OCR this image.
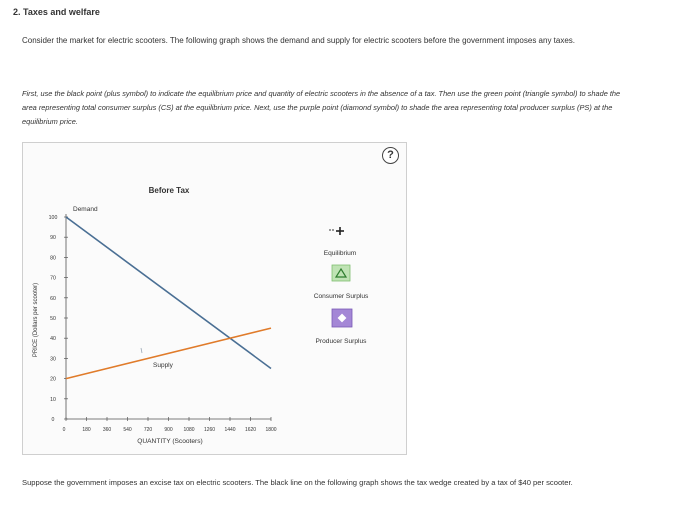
2. Taxes and welfare
Consider the market for electric scooters. The following graph shows the demand and supply for electric scooters before the government imposes any taxes.
First, use the black point (plus symbol) to indicate the equilibrium price and quantity of electric scooters in the absence of a tax. Then use the green point (triangle symbol) to shade the area representing total consumer surplus (CS) at the equilibrium price. Next, use the purple point (diamond symbol) to shade the area representing total producer surplus (PS) at the equilibrium price.
?
Before Tax
PRICE (Dollars per scooter)
QUANTITY (Scooters)
0
10
20
30
40
50
60
70
80
90
100
0	180 360 540 720 900 1080 1260 1440 1620 1800
Demand
Supply
Equilibrium
Consumer Surplus
Producer Surplus
Suppose the government imposes an excise tax on electric scooters. The black line on the following graph shows the tax wedge created by a tax of $40 per scooter.
